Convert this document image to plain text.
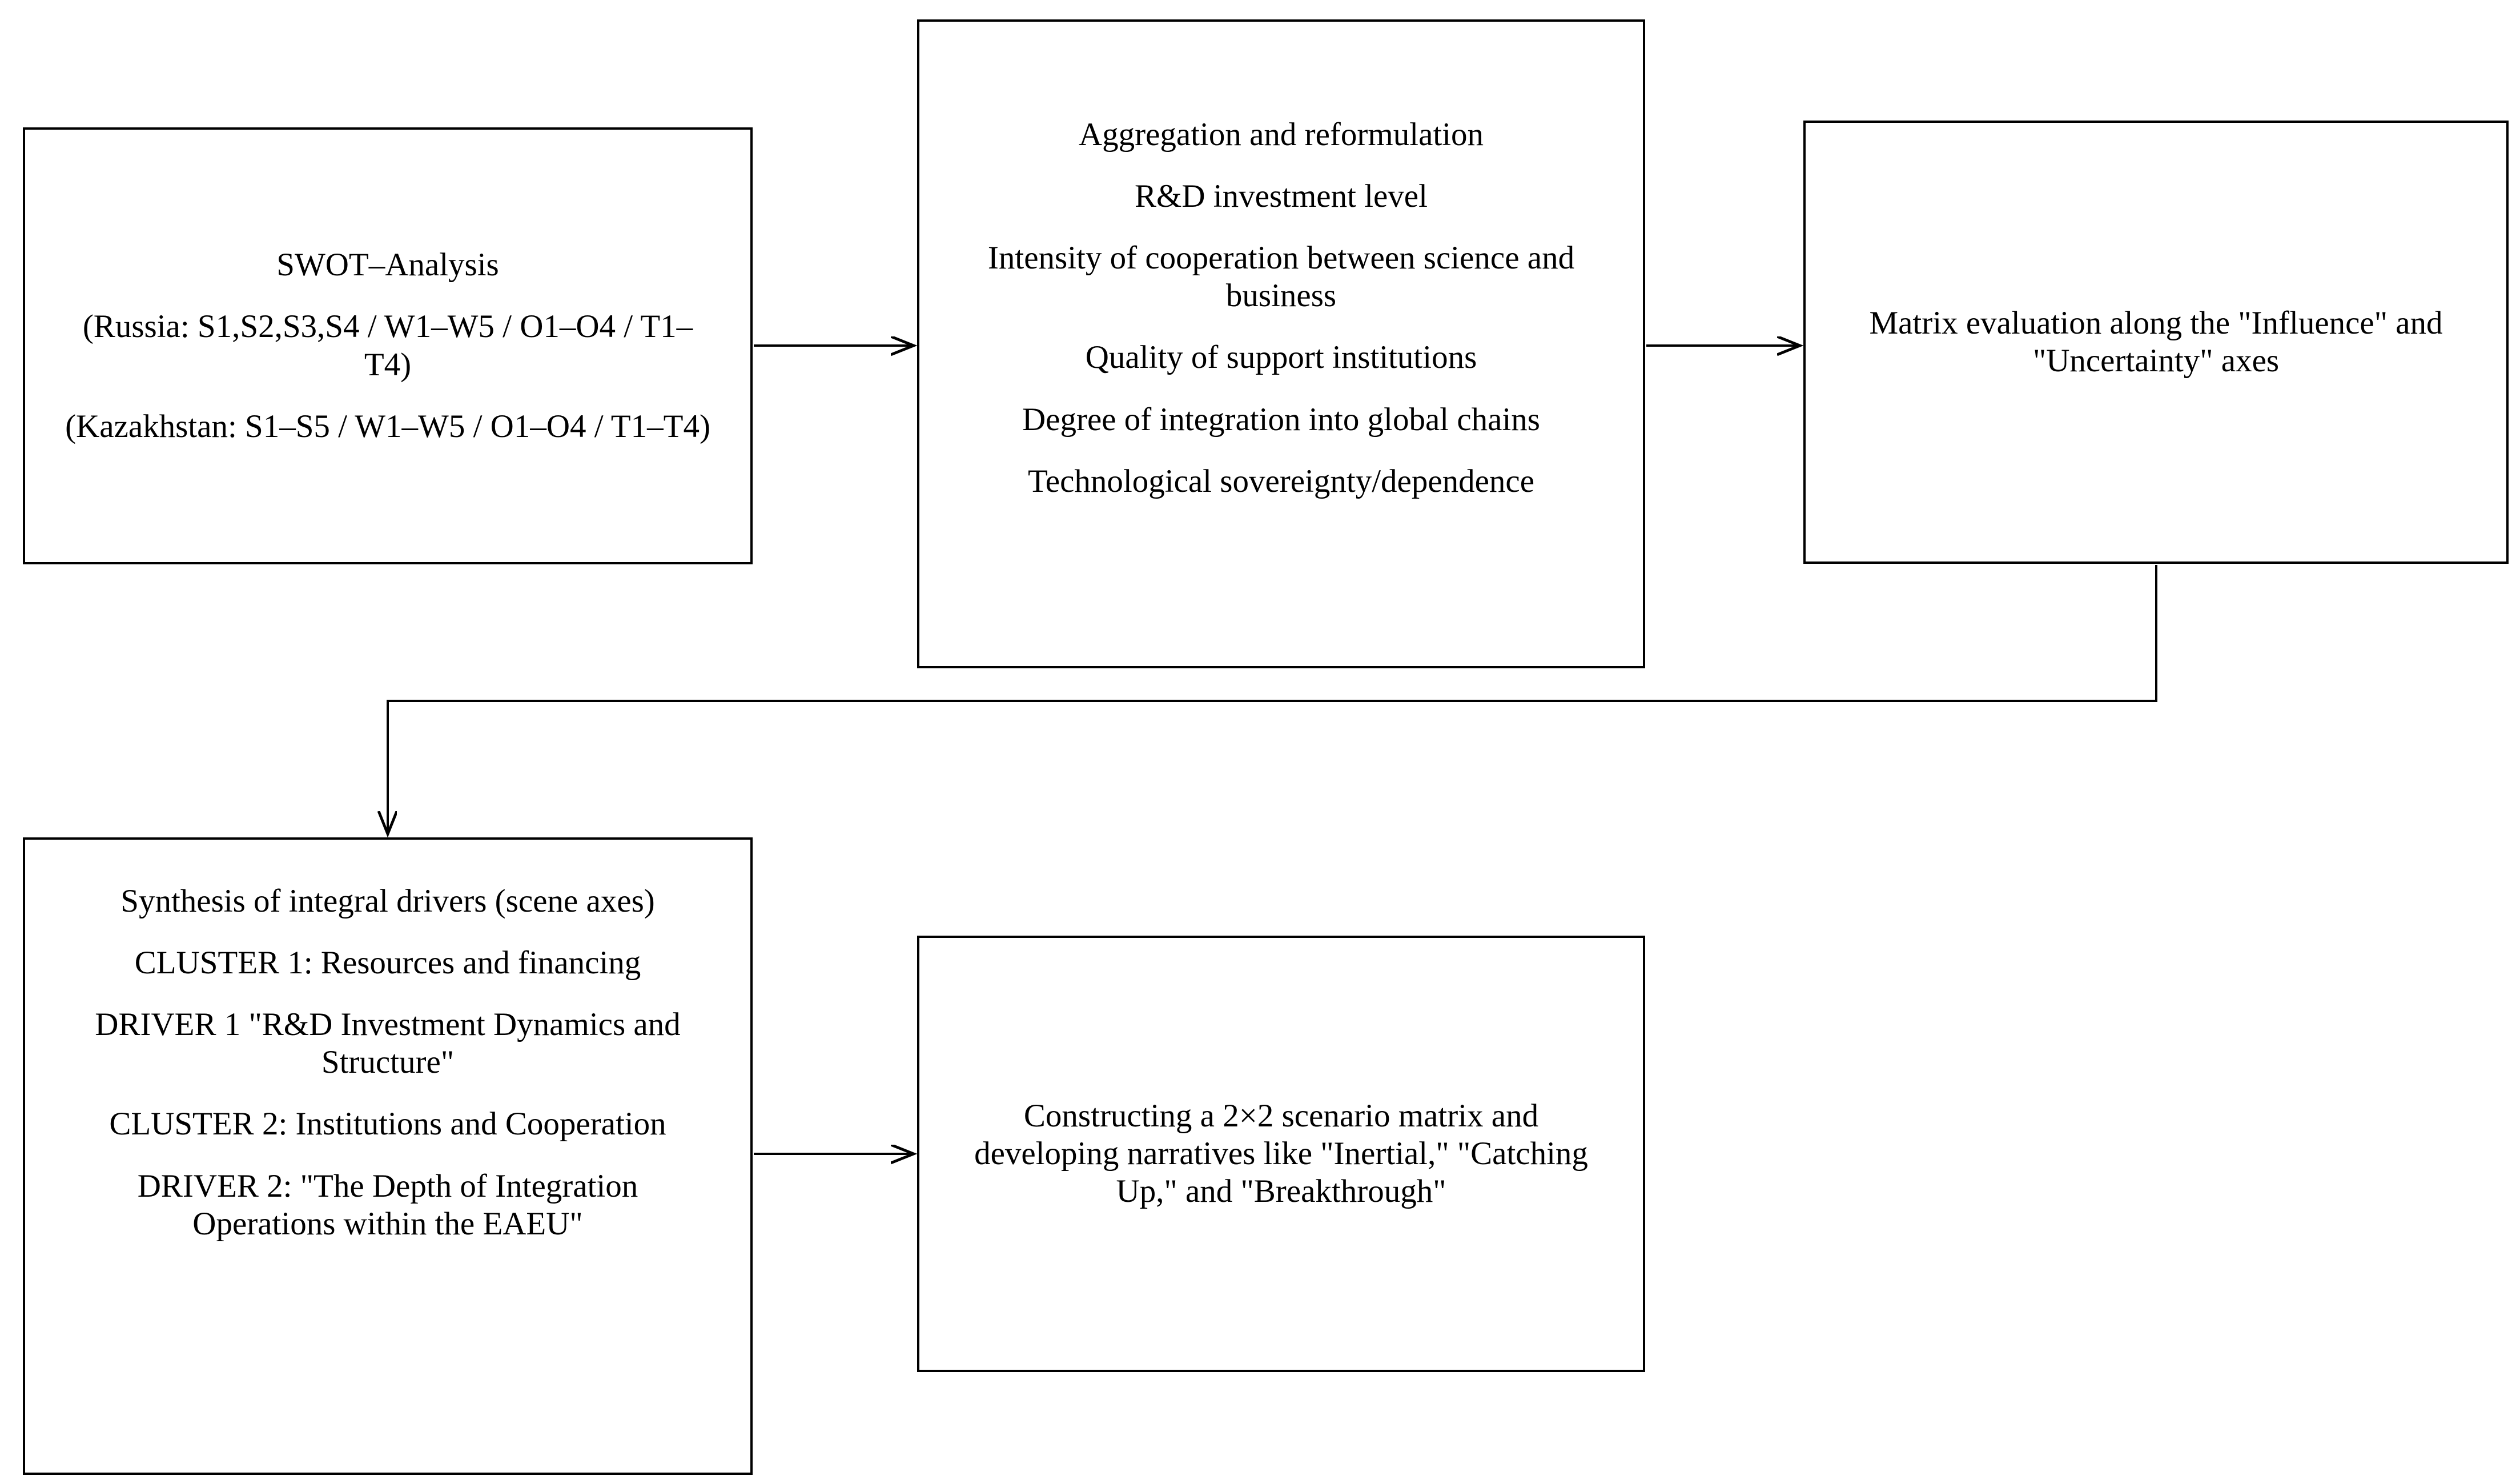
SWOT–Analysis

(Russia: S1,S2,S3,S4 / W1–W5 / O1–O4 / T1–T4)

(Kazakhstan: S1–S5 / W1–W5 / O1–O4 / T1–T4)

Aggregation and reformulation

R&D investment level

Intensity of cooperation between science and business

Quality of support institutions

Degree of integration into global chains

Technological sovereignty/dependence

Matrix evaluation along the "Influence" and "Uncertainty" axes

Synthesis of integral drivers (scene axes)

CLUSTER 1: Resources and financing

DRIVER 1 "R&D Investment Dynamics and Structure"

CLUSTER 2: Institutions and Cooperation

DRIVER 2: "The Depth of Integration Operations within the EAEU"

Constructing a 2×2 scenario matrix and developing narratives like "Inertial," "Catching Up," and "Breakthrough"
